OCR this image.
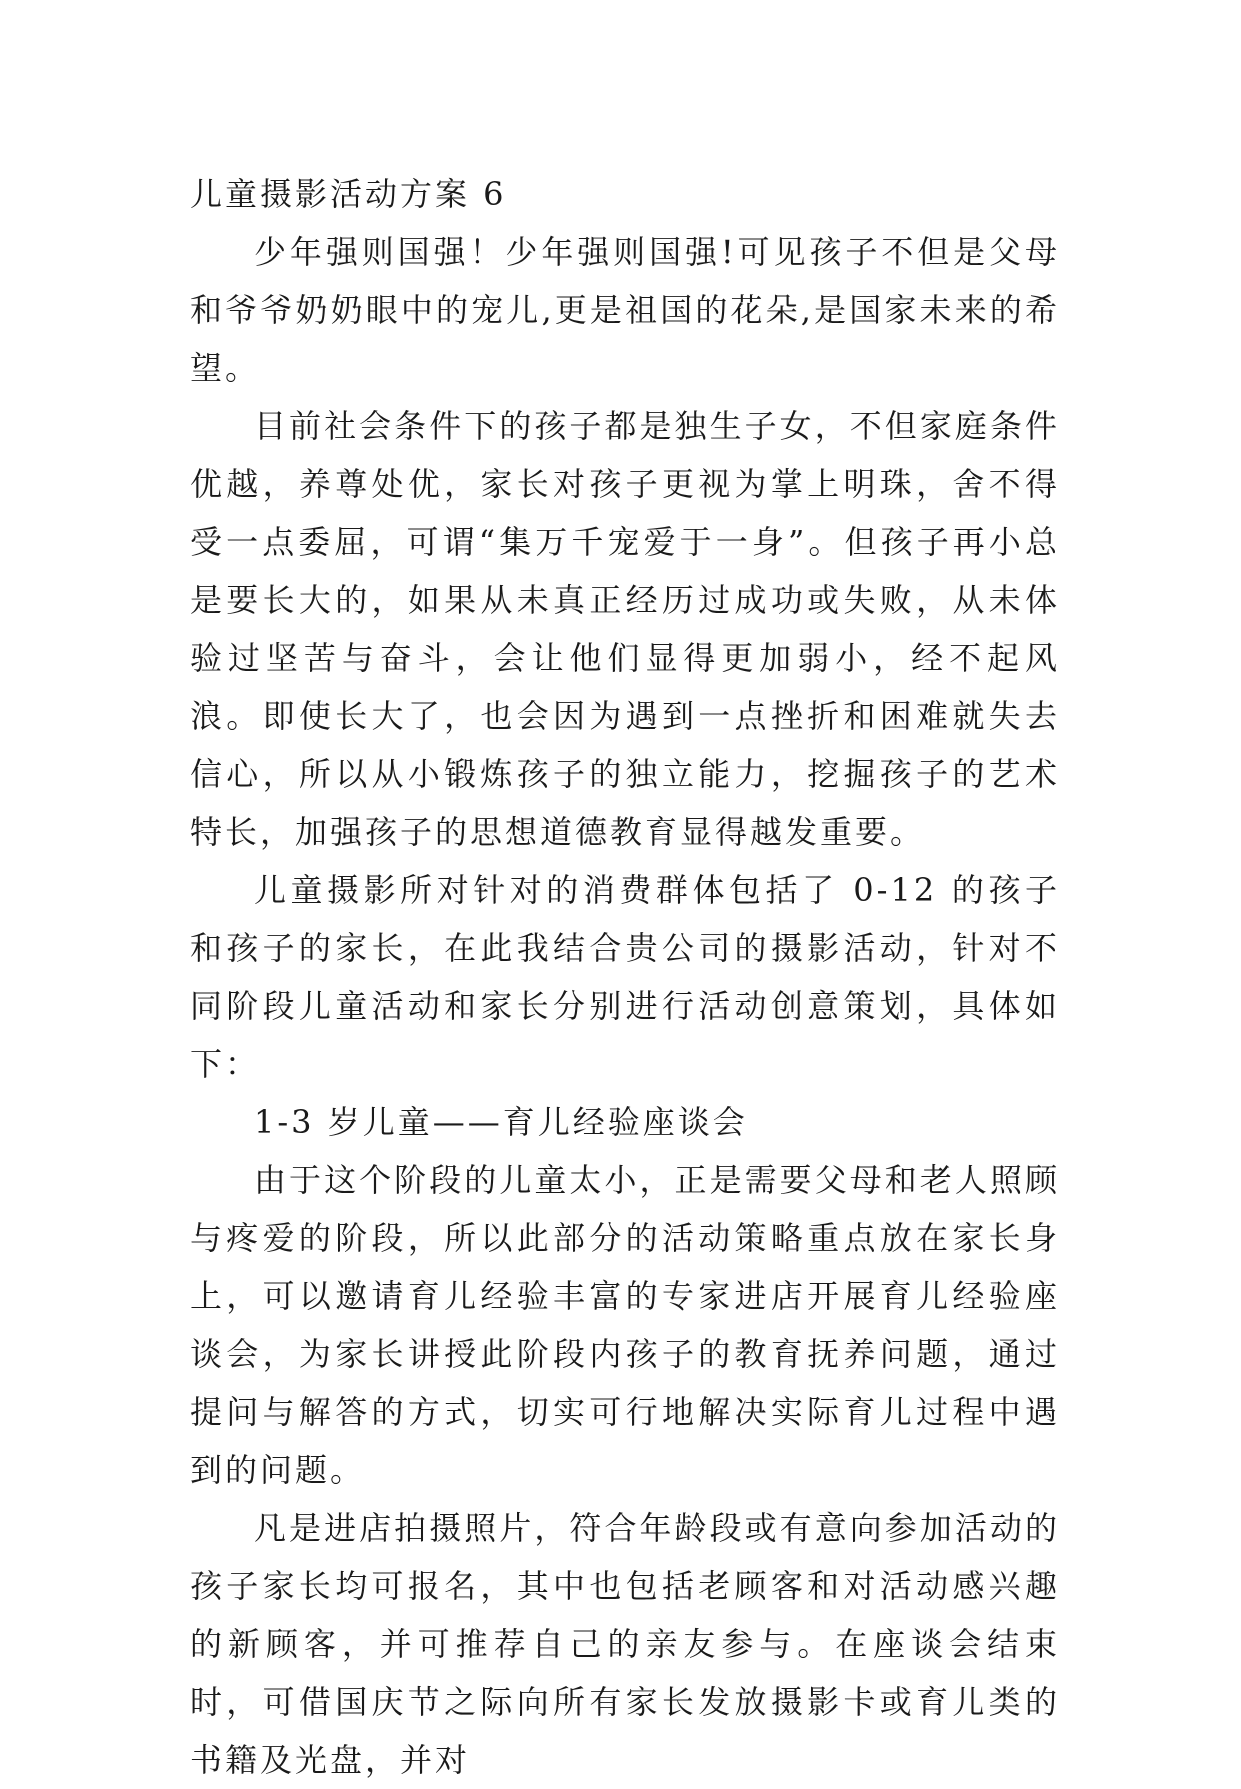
儿童摄影活动方案 6

少年强则国强！少年强则国强!可见孩子不但是父母和爷爷奶奶眼中的宠儿,更是祖国的花朵,是国家未来的希望。

目前社会条件下的孩子都是独生子女，不但家庭条件优越，养尊处优，家长对孩子更视为掌上明珠，舍不得受一点委屈，可谓“集万千宠爱于一身”。但孩子再小总是要长大的，如果从未真正经历过成功或失败，从未体验过坚苦与奋斗，会让他们显得更加弱小，经不起风浪。即使长大了，也会因为遇到一点挫折和困难就失去信心，所以从小锻炼孩子的独立能力，挖掘孩子的艺术特长，加强孩子的思想道德教育显得越发重要。

儿童摄影所对针对的消费群体包括了 0-12 的孩子和孩子的家长，在此我结合贵公司的摄影活动，针对不同阶段儿童活动和家长分别进行活动创意策划，具体如下：

1-3 岁儿童——育儿经验座谈会

由于这个阶段的儿童太小，正是需要父母和老人照顾与疼爱的阶段，所以此部分的活动策略重点放在家长身上，可以邀请育儿经验丰富的专家进店开展育儿经验座谈会，为家长讲授此阶段内孩子的教育抚养问题，通过提问与解答的方式，切实可行地解决实际育儿过程中遇到的问题。

凡是进店拍摄照片，符合年龄段或有意向参加活动的孩子家长均可报名，其中也包括老顾客和对活动感兴趣的新顾客，并可推荐自己的亲友参与。在座谈会结束时，可借国庆节之际向所有家长发放摄影卡或育儿类的书籍及光盘，并对
